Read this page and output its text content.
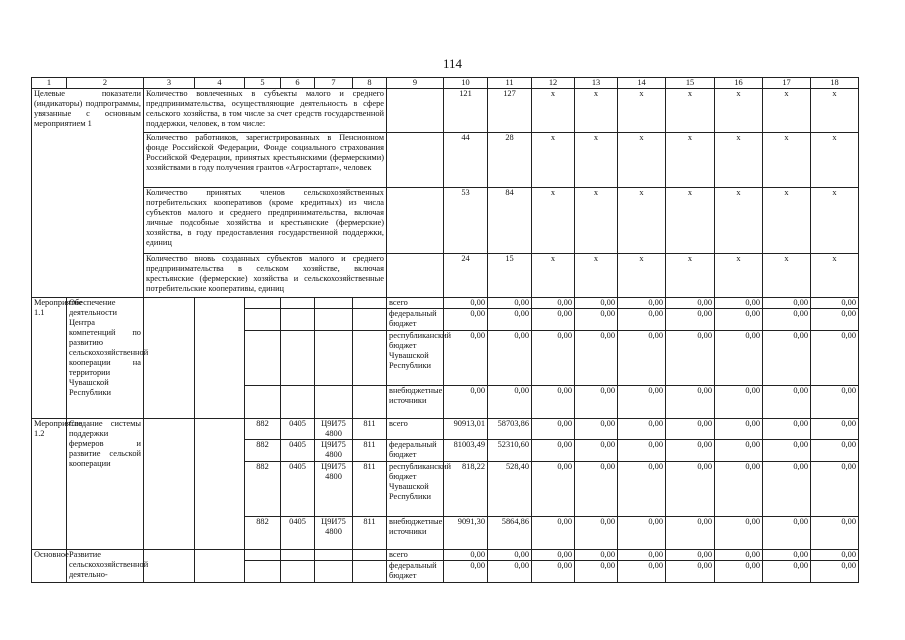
114
1	2	3	4	5	6	7	8	9	10	11	12	13	14	15	16	17	18
Целевые показатели (индикаторы) подпрограммы, увязанные с основным мероприятием 1		Количество вовлеченных в субъекты малого и среднего предпринимательства, осуществляющие деятельность в сфере сельского хозяйства, в том числе за счет средств государственной поддержки, человек, в том числе:							121	127	x	x	x	x	x	x	x
		Количество работников, зарегистрированных в Пенсионном фонде Российской Федерации, Фонде социального страхования Российской Федерации, принятых крестьянскими (фермерскими) хозяйствами в году получения грантов «Агростартап», человек							44	28	x	x	x	x	x	x	x
		Количество принятых членов сельскохозяйственных потребительских кооперативов (кроме кредитных) из числа субъектов малого и среднего предпринимательства, включая личные подсобные хозяйства и крестьянские (фермерские) хозяйства, в году предоставления государственной поддержки, единиц							53	84	x	x	x	x	x	x	x
		Количество вновь созданных субъектов малого и среднего предпринимательства в сельском хозяйстве, включая крестьянские (фермерские) хозяйства и сельскохозяйственные потребительские кооперативы, единиц							24	15	x	x	x	x	x	x	x
Мероприятие 1.1	Обеспечение деятельности Центра компетенций по развитию сельскохозяйственной кооперации на территории Чувашской Республики							всего	0,00	0,00	0,00	0,00	0,00	0,00	0,00	0,00	0,00
								федеральный бюджет	0,00	0,00	0,00	0,00	0,00	0,00	0,00	0,00	0,00
								республиканский бюджет Чувашской Республики	0,00	0,00	0,00	0,00	0,00	0,00	0,00	0,00	0,00
								внебюджетные источники	0,00	0,00	0,00	0,00	0,00	0,00	0,00	0,00	0,00
Мероприятие 1.2	Создание системы поддержки фермеров и развитие сельской кооперации			882	0405	Ц9И75 4800	811	всего	90913,01	58703,86	0,00	0,00	0,00	0,00	0,00	0,00	0,00
				882	0405	Ц9И75 4800	811	федеральный бюджет	81003,49	52310,60	0,00	0,00	0,00	0,00	0,00	0,00	0,00
				882	0405	Ц9И75 4800	811	республиканский бюджет Чувашской Республики	818,22	528,40	0,00	0,00	0,00	0,00	0,00	0,00	0,00
				882	0405	Ц9И75 4800	811	внебюджетные источники	9091,30	5864,86	0,00	0,00	0,00	0,00	0,00	0,00	0,00
Основное	Развитие сельскохозяйственной деятельно-							всего	0,00	0,00	0,00	0,00	0,00	0,00	0,00	0,00	0,00
								федеральный бюджет	0,00	0,00	0,00	0,00	0,00	0,00	0,00	0,00	0,00
